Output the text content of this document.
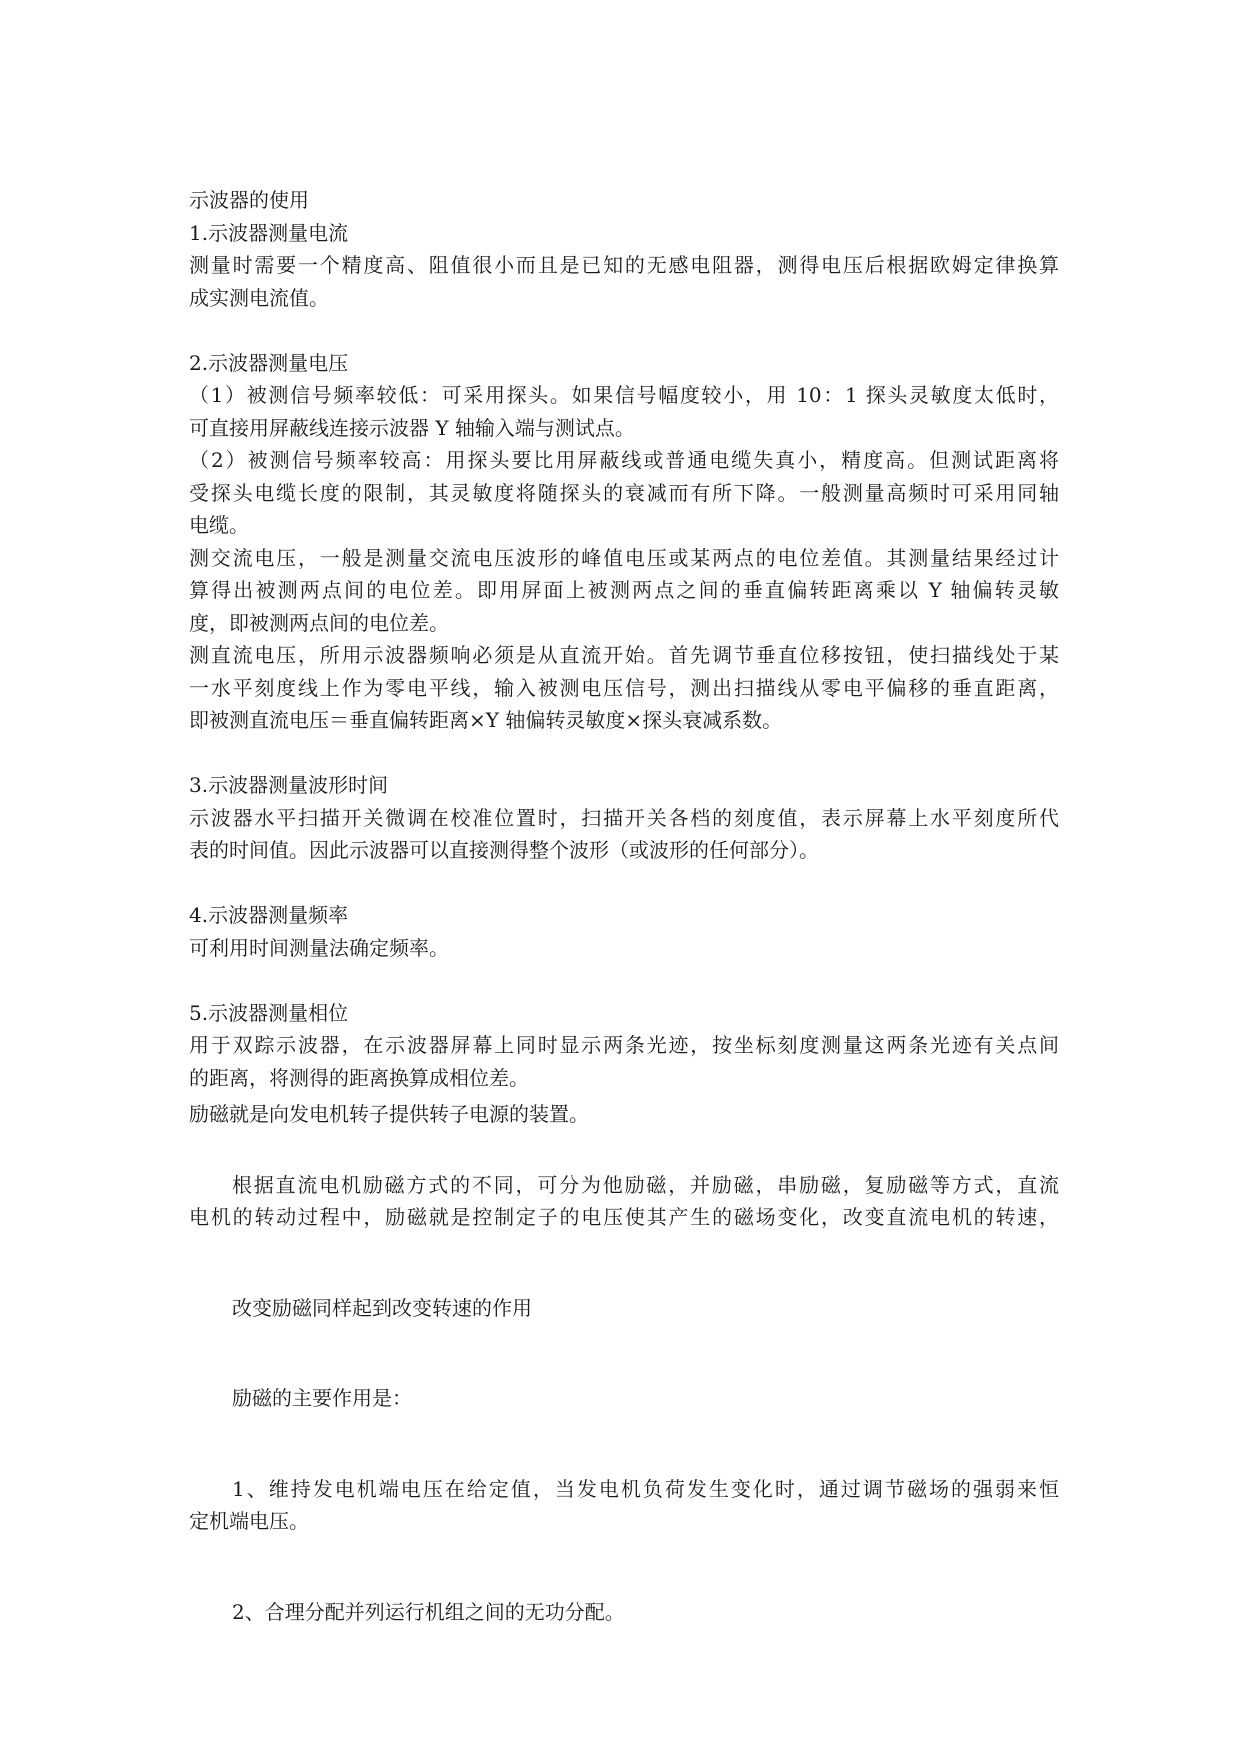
示波器的使用
1.示波器测量电流
测量时需要一个精度高、阻值很小而且是已知的无感电阻器，测得电压后根据欧姆定律换算
成实测电流值。
2.示波器测量电压
（1）被测信号频率较低：可采用探头。如果信号幅度较小，用 10：1 探头灵敏度太低时，
可直接用屏蔽线连接示波器 Y 轴输入端与测试点。
（2）被测信号频率较高：用探头要比用屏蔽线或普通电缆失真小，精度高。但测试距离将
受探头电缆长度的限制，其灵敏度将随探头的衰减而有所下降。一般测量高频时可采用同轴
电缆。
测交流电压，一般是测量交流电压波形的峰值电压或某两点的电位差值。其测量结果经过计
算得出被测两点间的电位差。即用屏面上被测两点之间的垂直偏转距离乘以 Y 轴偏转灵敏
度，即被测两点间的电位差。
测直流电压，所用示波器频响必须是从直流开始。首先调节垂直位移按钮，使扫描线处于某
一水平刻度线上作为零电平线，输入被测电压信号，测出扫描线从零电平偏移的垂直距离，
即被测直流电压＝垂直偏转距离×Y 轴偏转灵敏度×探头衰减系数。
3.示波器测量波形时间
示波器水平扫描开关微调在校准位置时，扫描开关各档的刻度值，表示屏幕上水平刻度所代
表的时间值。因此示波器可以直接测得整个波形（或波形的任何部分）。
4.示波器测量频率
可利用时间测量法确定频率。
5.示波器测量相位
用于双踪示波器，在示波器屏幕上同时显示两条光迹，按坐标刻度测量这两条光迹有关点间
的距离，将测得的距离换算成相位差。
励磁就是向发电机转子提供转子电源的装置。
根据直流电机励磁方式的不同，可分为他励磁，并励磁，串励磁，复励磁等方式，直流
电机的转动过程中，励磁就是控制定子的电压使其产生的磁场变化，改变直流电机的转速，
改变励磁同样起到改变转速的作用
励磁的主要作用是：
1、维持发电机端电压在给定值，当发电机负荷发生变化时，通过调节磁场的强弱来恒
定机端电压。
2、合理分配并列运行机组之间的无功分配。
